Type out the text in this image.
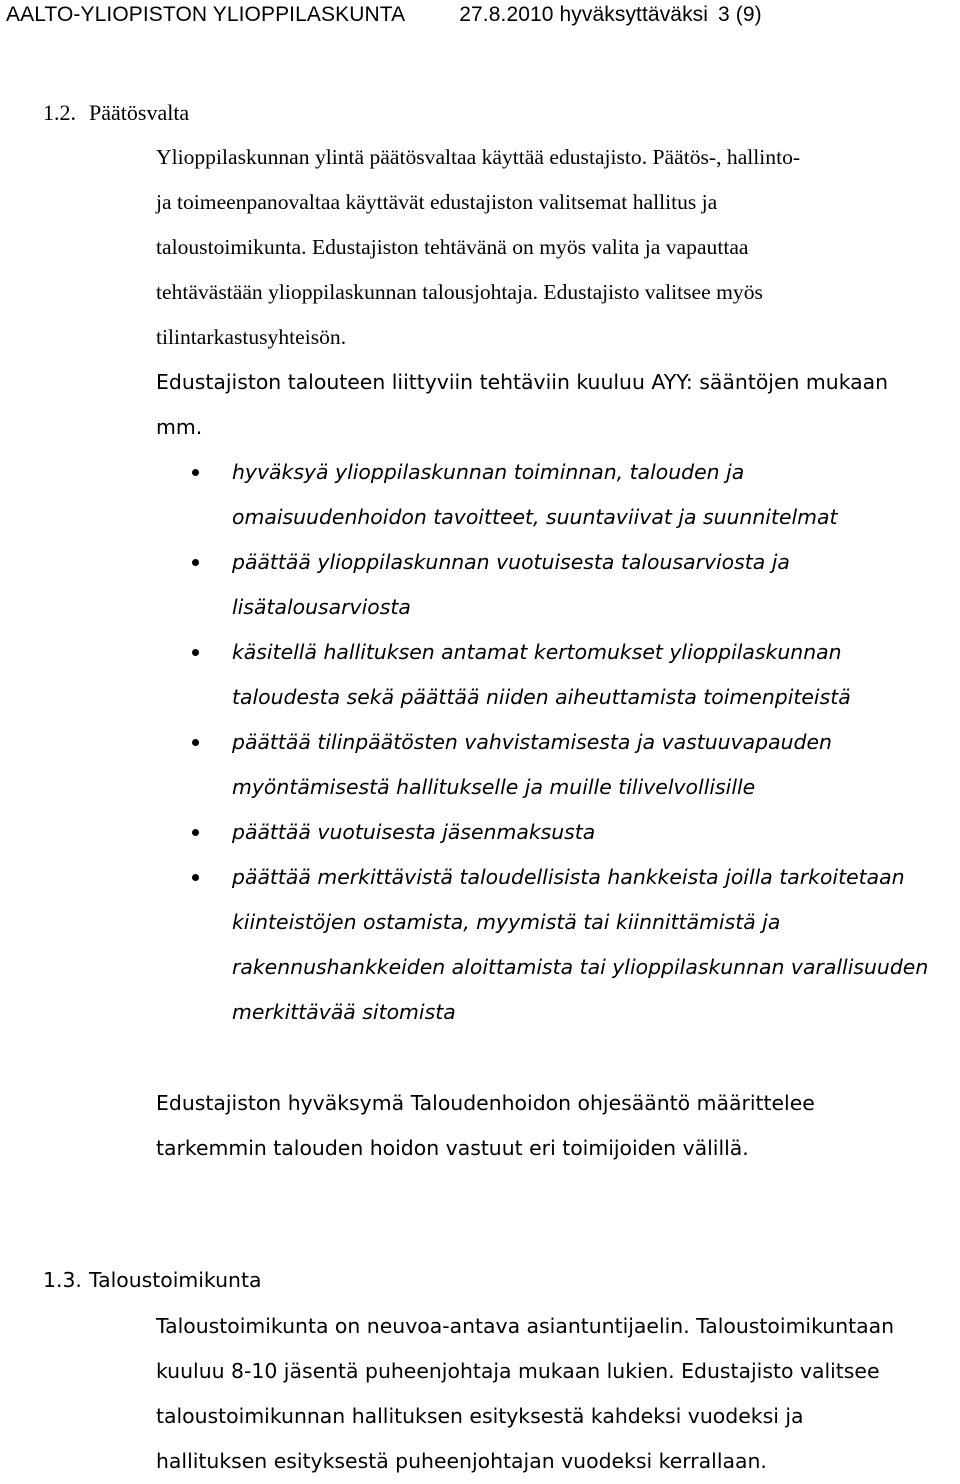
AALTO-YLIOPISTON YLIOPPILASKUNTA	27.8.2010 hyväksyttäväksi 3 (9)
1.2. Päätösvalta
Ylioppilaskunnan ylintä päätösvaltaa käyttää edustajisto. Päätös-, hallinto-
ja toimeenpanovaltaa käyttävät edustajiston valitsemat hallitus ja
taloustoimikunta. Edustajiston tehtävänä on myös valita ja vapauttaa
tehtävästään ylioppilaskunnan talousjohtaja. Edustajisto valitsee myös
tilintarkastusyhteisön.
Edustajiston talouteen liittyviin tehtäviin kuuluu AYY: sääntöjen mukaan
mm.
hyväksyä ylioppilaskunnan toiminnan, talouden ja
omaisuudenhoidon tavoitteet, suuntaviivat ja suunnitelmat
päättää ylioppilaskunnan vuotuisesta talousarviosta ja
lisätalousarviosta
käsitellä hallituksen antamat kertomukset ylioppilaskunnan
taloudesta sekä päättää niiden aiheuttamista toimenpiteistä
päättää tilinpäätösten vahvistamisesta ja vastuuvapauden
myöntämisestä hallitukselle ja muille tilivelvollisille
päättää vuotuisesta jäsenmaksusta
päättää merkittävistä taloudellisista hankkeista joilla tarkoitetaan
kiinteistöjen ostamista, myymistä tai kiinnittämistä ja
rakennushankkeiden aloittamista tai ylioppilaskunnan varallisuuden
merkittävää sitomista
Edustajiston hyväksymä Taloudenhoidon ohjesääntö määrittelee
tarkemmin talouden hoidon vastuut eri toimijoiden välillä.
1.3. Taloustoimikunta
Taloustoimikunta on neuvoa-antava asiantuntijaelin. Taloustoimikuntaan
kuuluu 8-10 jäsentä puheenjohtaja mukaan lukien. Edustajisto valitsee
taloustoimikunnan hallituksen esityksestä kahdeksi vuodeksi ja
hallituksen esityksestä puheenjohtajan vuodeksi kerrallaan.
